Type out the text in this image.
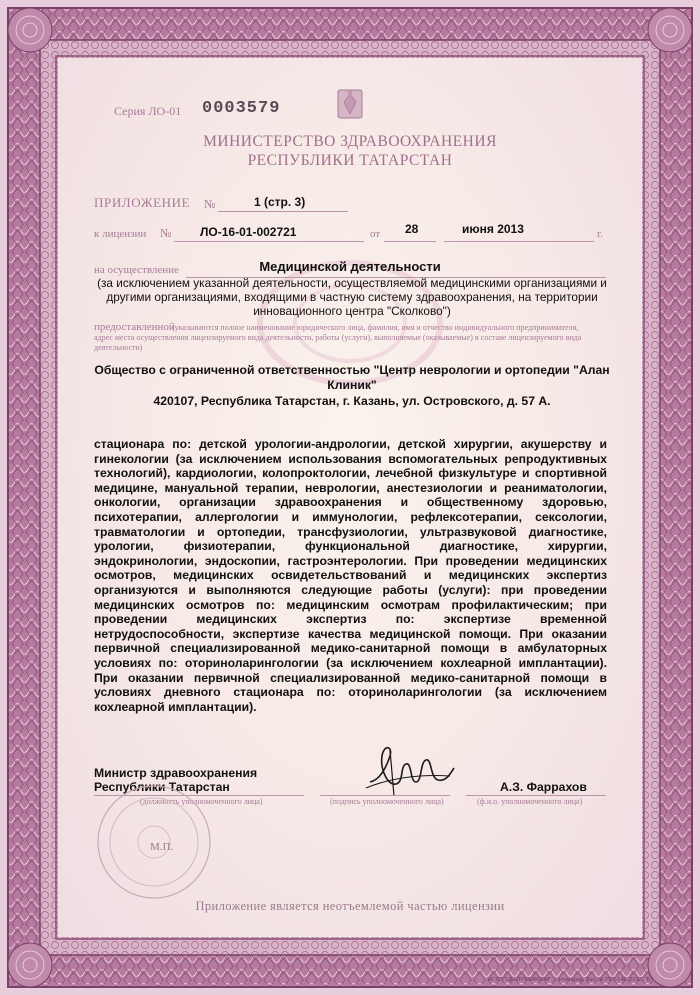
Серия ЛО-01 0003579
МИНИСТЕРСТВО ЗДРАВООХРАНЕНИЯ
РЕСПУБЛИКИ ТАТАРСТАН
ПРИЛОЖЕНИЕ №	1 (стр. 3)
к лицензии № ЛО-16-01-002721	от 28	июня 2013	г.
на осуществление	Медицинской деятельности
(за исключением указанной деятельности, осуществляемой медицинскими организациями и другими организациями, входящими в частную систему здравоохранения, на территории инновационного центра "Сколково")
предоставленной
(указываются полное наименование юридического лица, фамилия, имя и отчество индивидуального предпринимателя,
адрес места осуществления лицензируемого вида деятельности, работы (услуги), выполняемые (оказываемые) в составе лицензируемого вида
деятельности)
Общество с ограниченной ответственностью "Центр неврологии и ортопедии "Алан Клиник"
420107, Республика Татарстан, г. Казань, ул. Островского, д. 57 А.

стационара по: детской урологии-андрологии, детской хирургии, акушерству и гинекологии (за исключением использования вспомогательных репродуктивных технологий), кардиологии, колопроктологии, лечебной физкультуре и спортивной медицине, мануальной терапии, неврологии, анестезиологии и реаниматологии, онкологии, организации здравоохранения и общественному здоровью, психотерапии, аллергологии и иммунологии, рефлексотерапии, сексологии, травматологии и ортопедии, трансфузиологии, ультразвуковой диагностике, урологии, физиотерапии, функциональной диагностике, хирургии, эндокринологии, эндоскопии, гастроэнтерологии. При проведении медицинских осмотров, медицинских освидетельствований и медицинских экспертиз организуются и выполняются следующие работы (услуги): при проведении медицинских осмотров по: медицинским осмотрам профилактическим; при проведении медицинских экспертиз по: экспертизе временной нетрудоспособности, экспертизе качества медицинской помощи. При оказании первичной специализированной медико-санитарной помощи в амбулаторных условиях по: оториноларингологии (за исключением кохлеарной имплантации). При оказании первичной специализированной медико-санитарной помощи в условиях дневного стационара по: оториноларингологии (за исключением кохлеарной имплантации).

Министр здравоохранения
Республики Татарстан
(должность уполномоченного лица)	(подпись уполномоченного лица)
А.З. Фаррахов
(ф.и.о. уполномоченного лица)
М.П.
Приложение является неотъемлемой частью лицензии
ФГУП "ЦЕНТРИНФОРМ", г. Новгород, Зак. № РЗТ-146, 2012, "Б"
